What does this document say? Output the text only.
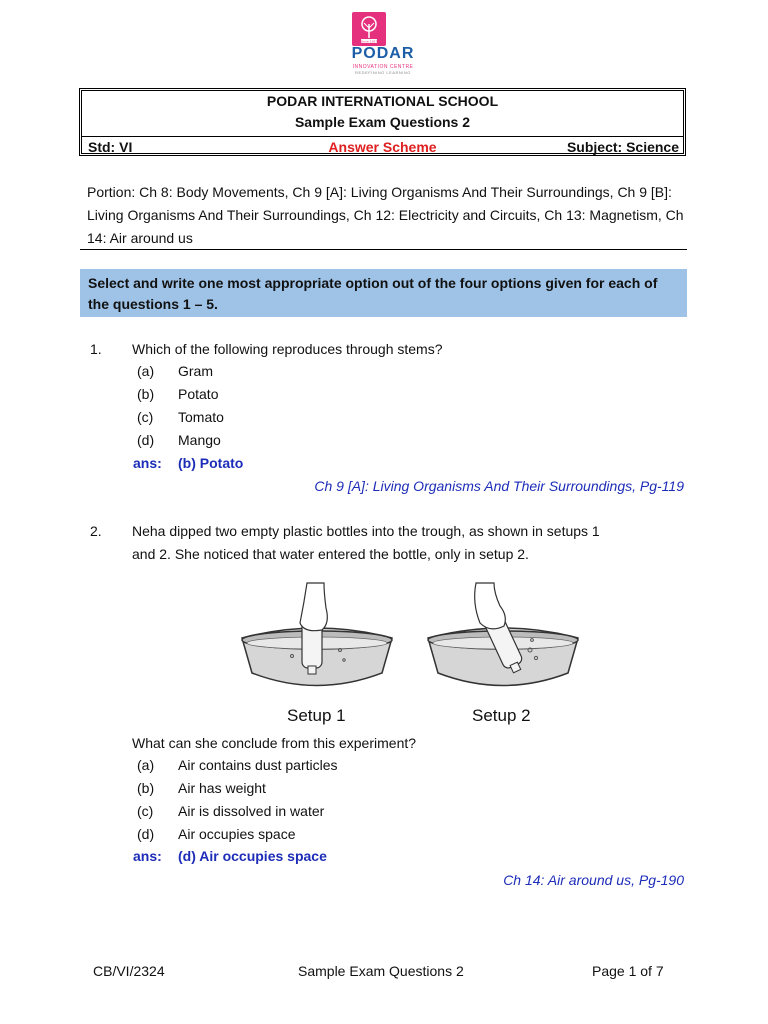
Since 1927
PODAR
INNOVATION CENTRE
REDEFINING LEARNING
PODAR INTERNATIONAL SCHOOL
Sample Exam Questions 2
Answer Scheme
Std: VI	Subject: Science
Portion: Ch 8: Body Movements, Ch 9 [A]: Living Organisms And Their Surroundings, Ch 9 [B]: Living Organisms And Their Surroundings, Ch 12: Electricity and Circuits, Ch 13: Magnetism, Ch 14: Air around us
Select and write one most appropriate option out of the four options given for each of the questions 1 – 5.
1. Which of the following reproduces through stems?
(a) Gram
(b) Potato
(c) Tomato
(d) Mango
ans: (b) Potato
Ch 9 [A]: Living Organisms And Their Surroundings, Pg-119
2. Neha dipped two empty plastic bottles into the trough, as shown in setups 1
and 2. She noticed that water entered the bottle, only in setup 2.
Setup 1	Setup 2
What can she conclude from this experiment?
(a) Air contains dust particles
(b) Air has weight
(c) Air is dissolved in water
(d) Air occupies space
ans: (d) Air occupies space
Ch 14: Air around us, Pg-190
CB/VI/2324	Sample Exam Questions 2	Page 1 of 7
